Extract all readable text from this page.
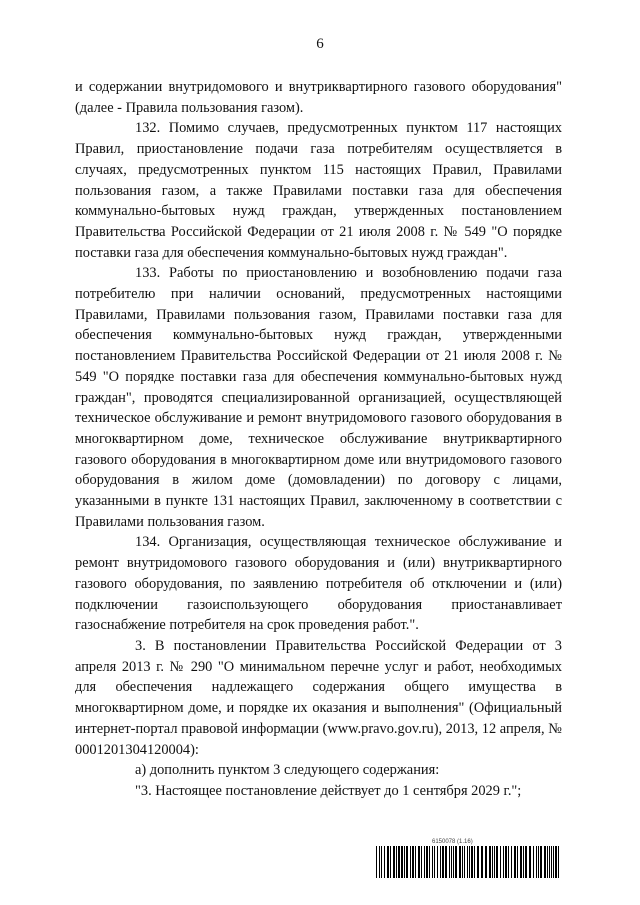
6

и содержании внутридомового и внутриквартирного газового оборудования" (далее - Правила пользования газом).

132. Помимо случаев, предусмотренных пунктом 117 настоящих Правил, приостановление подачи газа потребителям осуществляется в случаях, предусмотренных пунктом 115 настоящих Правил, Правилами пользования газом, а также Правилами поставки газа для обеспечения коммунально-бытовых нужд граждан, утвержденных постановлением Правительства Российской Федерации от 21 июля 2008 г. № 549 "О порядке поставки газа для обеспечения коммунально-бытовых нужд граждан".

133. Работы по приостановлению и возобновлению подачи газа потребителю при наличии оснований, предусмотренных настоящими Правилами, Правилами пользования газом, Правилами поставки газа для обеспечения коммунально-бытовых нужд граждан, утвержденными постановлением Правительства Российской Федерации от 21 июля 2008 г. № 549 "О порядке поставки газа для обеспечения коммунально-бытовых нужд граждан", проводятся специализированной организацией, осуществляющей техническое обслуживание и ремонт внутридомового газового оборудования в многоквартирном доме, техническое обслуживание внутриквартирного газового оборудования в многоквартирном доме или внутридомового газового оборудования в жилом доме (домовладении) по договору с лицами, указанными в пункте 131 настоящих Правил, заключенному в соответствии с Правилами пользования газом.

134. Организация, осуществляющая техническое обслуживание и ремонт внутридомового газового оборудования и (или) внутриквартирного газового оборудования, по заявлению потребителя об отключении и (или) подключении газоиспользующего оборудования приостанавливает газоснабжение потребителя на срок проведения работ.".

3. В постановлении Правительства Российской Федерации от 3 апреля 2013 г. № 290 "О минимальном перечне услуг и работ, необходимых для обеспечения надлежащего содержания общего имущества в многоквартирном доме, и порядке их оказания и выполнения" (Официальный интернет-портал правовой информации (www.pravo.gov.ru), 2013, 12 апреля, № 0001201304120004):

а) дополнить пунктом 3 следующего содержания:

"3. Настоящее постановление действует до 1 сентября 2029 г.";

6150078 (1.16)
